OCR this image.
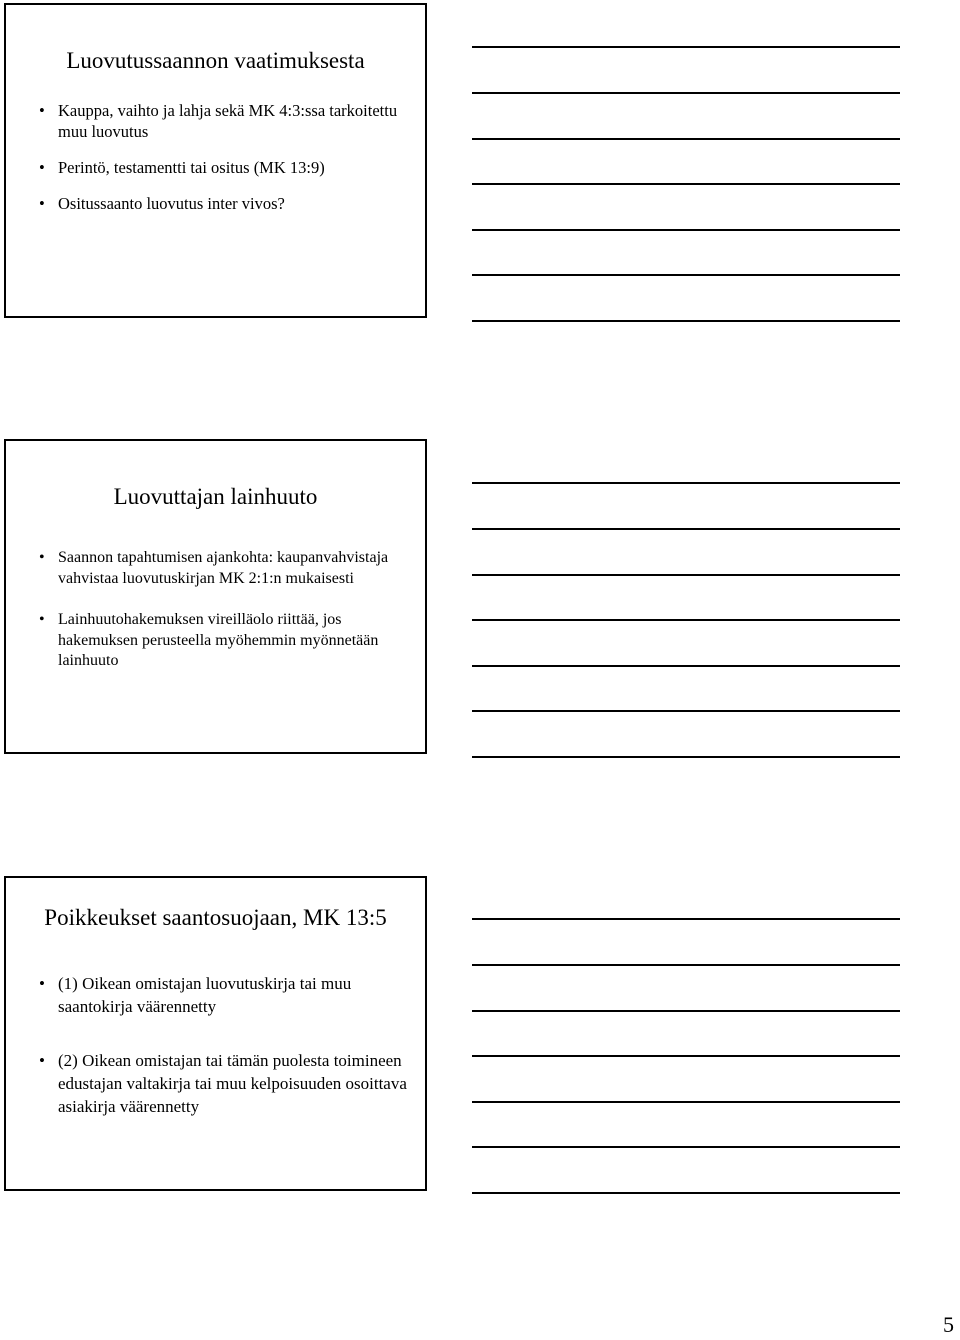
Luovutussaannon vaatimuksesta
• Kauppa, vaihto ja lahja sekä MK 4:3:ssa tarkoitettu muu luovutus
• Perintö, testamentti tai ositus (MK 13:9)
• Ositussaanto luovutus inter vivos?
Luovuttajan lainhuuto
• Saannon tapahtumisen ajankohta: kaupanvahvistaja vahvistaa luovutuskirjan MK 2:1:n mukaisesti
• Lainhuutohakemuksen vireilläolo riittää, jos hakemuksen perusteella myöhemmin myönnetään lainhuuto
Poikkeukset saantosuojaan, MK 13:5
• (1) Oikean omistajan luovutuskirja tai muu saantokirja väärennetty
• (2) Oikean omistajan tai tämän puolesta toimineen edustajan valtakirja tai muu kelpoisuuden osoittava asiakirja väärennetty
5
